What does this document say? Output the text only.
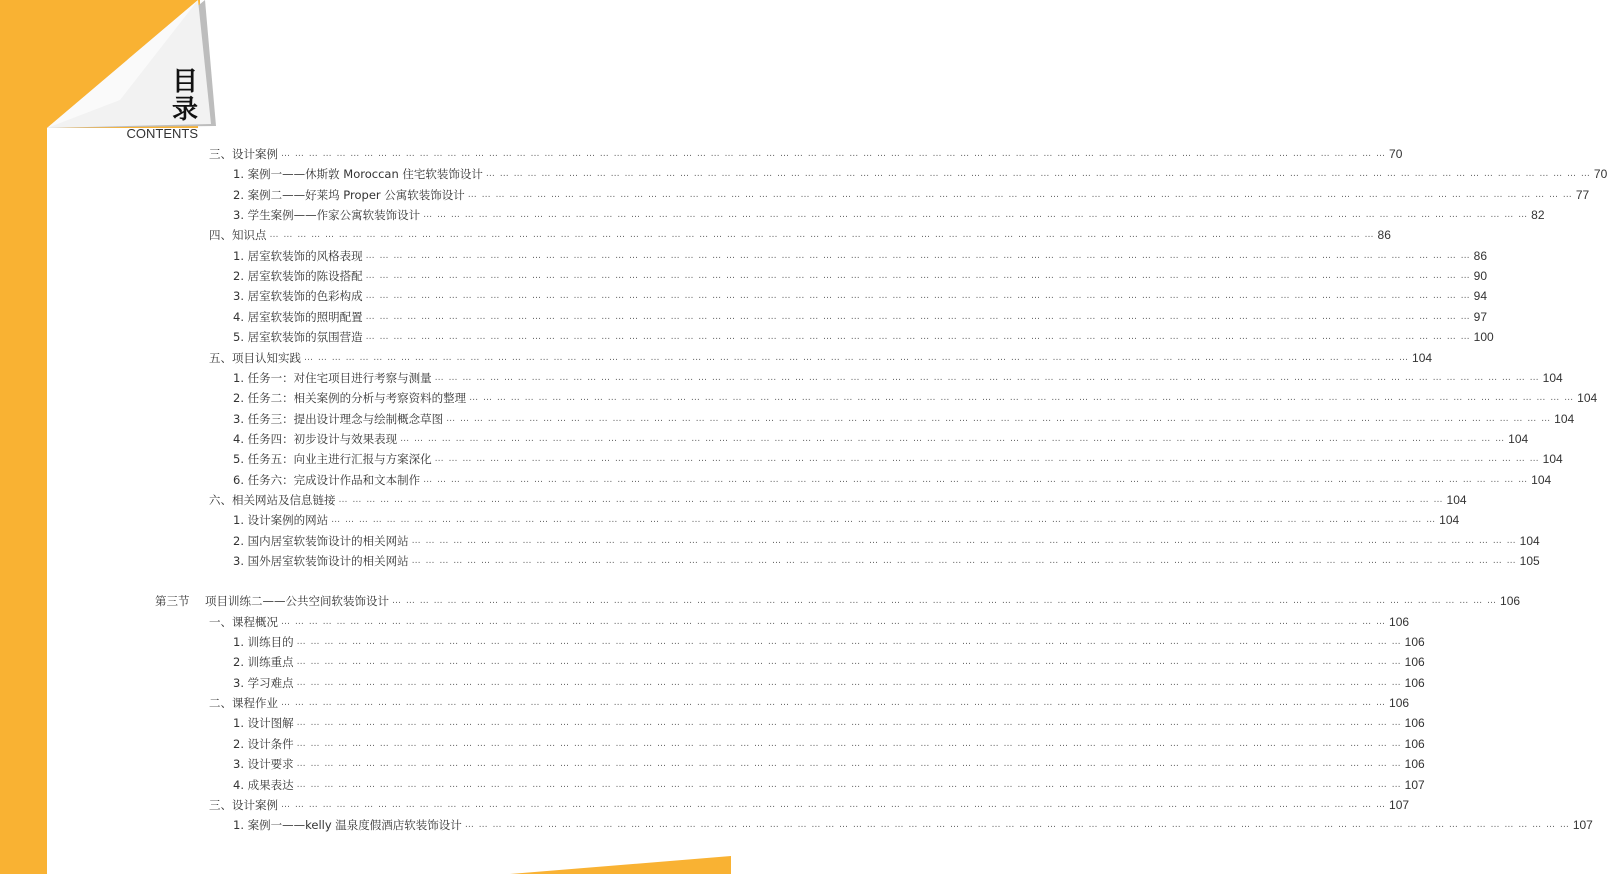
目 录
CONTENTS
三、设计案例 … … … … … … … … … … … … … … … … … … … … … … … … … … … … … … … … … … … … … … … … … … … … … … … … … … … … … … … … … … … … … … … … … … … … … … … … … … … … … … … … 70
1. 案例一——休斯敦 Moroccan 住宅软装饰设计 … … … … … … … … … … … … … … … … … … … … … … … … … … … … … … … … … … … … … … … … … … … … … … … … … … … … … … … … … … … … … … … … … … … … … … … … … … … … … … … … 70
2. 案例二——好莱坞 Proper 公寓软装饰设计 … … … … … … … … … … … … … … … … … … … … … … … … … … … … … … … … … … … … … … … … … … … … … … … … … … … … … … … … … … … … … … … … … … … … … … … … … … … … … … … … 77
3. 学生案例——作家公寓软装饰设计 … … … … … … … … … … … … … … … … … … … … … … … … … … … … … … … … … … … … … … … … … … … … … … … … … … … … … … … … … … … … … … … … … … … … … … … … … … … … … … … … 82
四、知识点 … … … … … … … … … … … … … … … … … … … … … … … … … … … … … … … … … … … … … … … … … … … … … … … … … … … … … … … … … … … … … … … … … … … … … … … … … … … … … … … … 86
1. 居室软装饰的风格表现 … … … … … … … … … … … … … … … … … … … … … … … … … … … … … … … … … … … … … … … … … … … … … … … … … … … … … … … … … … … … … … … … … … … … … … … … … … … … … … … … 86
2. 居室软装饰的陈设搭配 … … … … … … … … … … … … … … … … … … … … … … … … … … … … … … … … … … … … … … … … … … … … … … … … … … … … … … … … … … … … … … … … … … … … … … … … … … … … … … … … 90
3. 居室软装饰的色彩构成 … … … … … … … … … … … … … … … … … … … … … … … … … … … … … … … … … … … … … … … … … … … … … … … … … … … … … … … … … … … … … … … … … … … … … … … … … … … … … … … … 94
4. 居室软装饰的照明配置 … … … … … … … … … … … … … … … … … … … … … … … … … … … … … … … … … … … … … … … … … … … … … … … … … … … … … … … … … … … … … … … … … … … … … … … … … … … … … … … … 97
5. 居室软装饰的氛围营造 … … … … … … … … … … … … … … … … … … … … … … … … … … … … … … … … … … … … … … … … … … … … … … … … … … … … … … … … … … … … … … … … … … … … … … … … … … … … … … … … 100
五、项目认知实践 … … … … … … … … … … … … … … … … … … … … … … … … … … … … … … … … … … … … … … … … … … … … … … … … … … … … … … … … … … … … … … … … … … … … … … … … … … … … … … … … 104
1. 任务一：对住宅项目进行考察与测量 … … … … … … … … … … … … … … … … … … … … … … … … … … … … … … … … … … … … … … … … … … … … … … … … … … … … … … … … … … … … … … … … … … … … … … … … … … … … … … … … 104
2. 任务二：相关案例的分析与考察资料的整理 … … … … … … … … … … … … … … … … … … … … … … … … … … … … … … … … … … … … … … … … … … … … … … … … … … … … … … … … … … … … … … … … … … … … … … … … … … … … … … … … 104
3. 任务三：提出设计理念与绘制概念草图 … … … … … … … … … … … … … … … … … … … … … … … … … … … … … … … … … … … … … … … … … … … … … … … … … … … … … … … … … … … … … … … … … … … … … … … … … … … … … … … … 104
4. 任务四：初步设计与效果表现 … … … … … … … … … … … … … … … … … … … … … … … … … … … … … … … … … … … … … … … … … … … … … … … … … … … … … … … … … … … … … … … … … … … … … … … … … … … … … … … … 104
5. 任务五：向业主进行汇报与方案深化 … … … … … … … … … … … … … … … … … … … … … … … … … … … … … … … … … … … … … … … … … … … … … … … … … … … … … … … … … … … … … … … … … … … … … … … … … … … … … … … … 104
6. 任务六：完成设计作品和文本制作 … … … … … … … … … … … … … … … … … … … … … … … … … … … … … … … … … … … … … … … … … … … … … … … … … … … … … … … … … … … … … … … … … … … … … … … … … … … … … … … … 104
六、相关网站及信息链接 … … … … … … … … … … … … … … … … … … … … … … … … … … … … … … … … … … … … … … … … … … … … … … … … … … … … … … … … … … … … … … … … … … … … … … … … … … … … … … … … 104
1. 设计案例的网站 … … … … … … … … … … … … … … … … … … … … … … … … … … … … … … … … … … … … … … … … … … … … … … … … … … … … … … … … … … … … … … … … … … … … … … … … … … … … … … … … 104
2. 国内居室软装饰设计的相关网站 … … … … … … … … … … … … … … … … … … … … … … … … … … … … … … … … … … … … … … … … … … … … … … … … … … … … … … … … … … … … … … … … … … … … … … … … … … … … … … … … 104
3. 国外居室软装饰设计的相关网站 … … … … … … … … … … … … … … … … … … … … … … … … … … … … … … … … … … … … … … … … … … … … … … … … … … … … … … … … … … … … … … … … … … … … … … … … … … … … … … … … 105
第三节 项目训练二——公共空间软装饰设计 … … … … … … … … … … … … … … … … … … … … … … … … … … … … … … … … … … … … … … … … … … … … … … … … … … … … … … … … … … … … … … … … … … … … … … … … … … … … … … … … 106
一、课程概况 … … … … … … … … … … … … … … … … … … … … … … … … … … … … … … … … … … … … … … … … … … … … … … … … … … … … … … … … … … … … … … … … … … … … … … … … … … … … … … … … 106
1. 训练目的 … … … … … … … … … … … … … … … … … … … … … … … … … … … … … … … … … … … … … … … … … … … … … … … … … … … … … … … … … … … … … … … … … … … … … … … … … … … … … … … … 106
2. 训练重点 … … … … … … … … … … … … … … … … … … … … … … … … … … … … … … … … … … … … … … … … … … … … … … … … … … … … … … … … … … … … … … … … … … … … … … … … … … … … … … … … 106
3. 学习难点 … … … … … … … … … … … … … … … … … … … … … … … … … … … … … … … … … … … … … … … … … … … … … … … … … … … … … … … … … … … … … … … … … … … … … … … … … … … … … … … … 106
二、课程作业 … … … … … … … … … … … … … … … … … … … … … … … … … … … … … … … … … … … … … … … … … … … … … … … … … … … … … … … … … … … … … … … … … … … … … … … … … … … … … … … … 106
1. 设计图解 … … … … … … … … … … … … … … … … … … … … … … … … … … … … … … … … … … … … … … … … … … … … … … … … … … … … … … … … … … … … … … … … … … … … … … … … … … … … … … … … 106
2. 设计条件 … … … … … … … … … … … … … … … … … … … … … … … … … … … … … … … … … … … … … … … … … … … … … … … … … … … … … … … … … … … … … … … … … … … … … … … … … … … … … … … … 106
3. 设计要求 … … … … … … … … … … … … … … … … … … … … … … … … … … … … … … … … … … … … … … … … … … … … … … … … … … … … … … … … … … … … … … … … … … … … … … … … … … … … … … … … 106
4. 成果表达 … … … … … … … … … … … … … … … … … … … … … … … … … … … … … … … … … … … … … … … … … … … … … … … … … … … … … … … … … … … … … … … … … … … … … … … … … … … … … … … … 107
三、设计案例 … … … … … … … … … … … … … … … … … … … … … … … … … … … … … … … … … … … … … … … … … … … … … … … … … … … … … … … … … … … … … … … … … … … … … … … … … … … … … … … … 107
1. 案例一——kelly 温泉度假酒店软装饰设计 … … … … … … … … … … … … … … … … … … … … … … … … … … … … … … … … … … … … … … … … … … … … … … … … … … … … … … … … … … … … … … … … … … … … … … … … … … … … … … … … 107
